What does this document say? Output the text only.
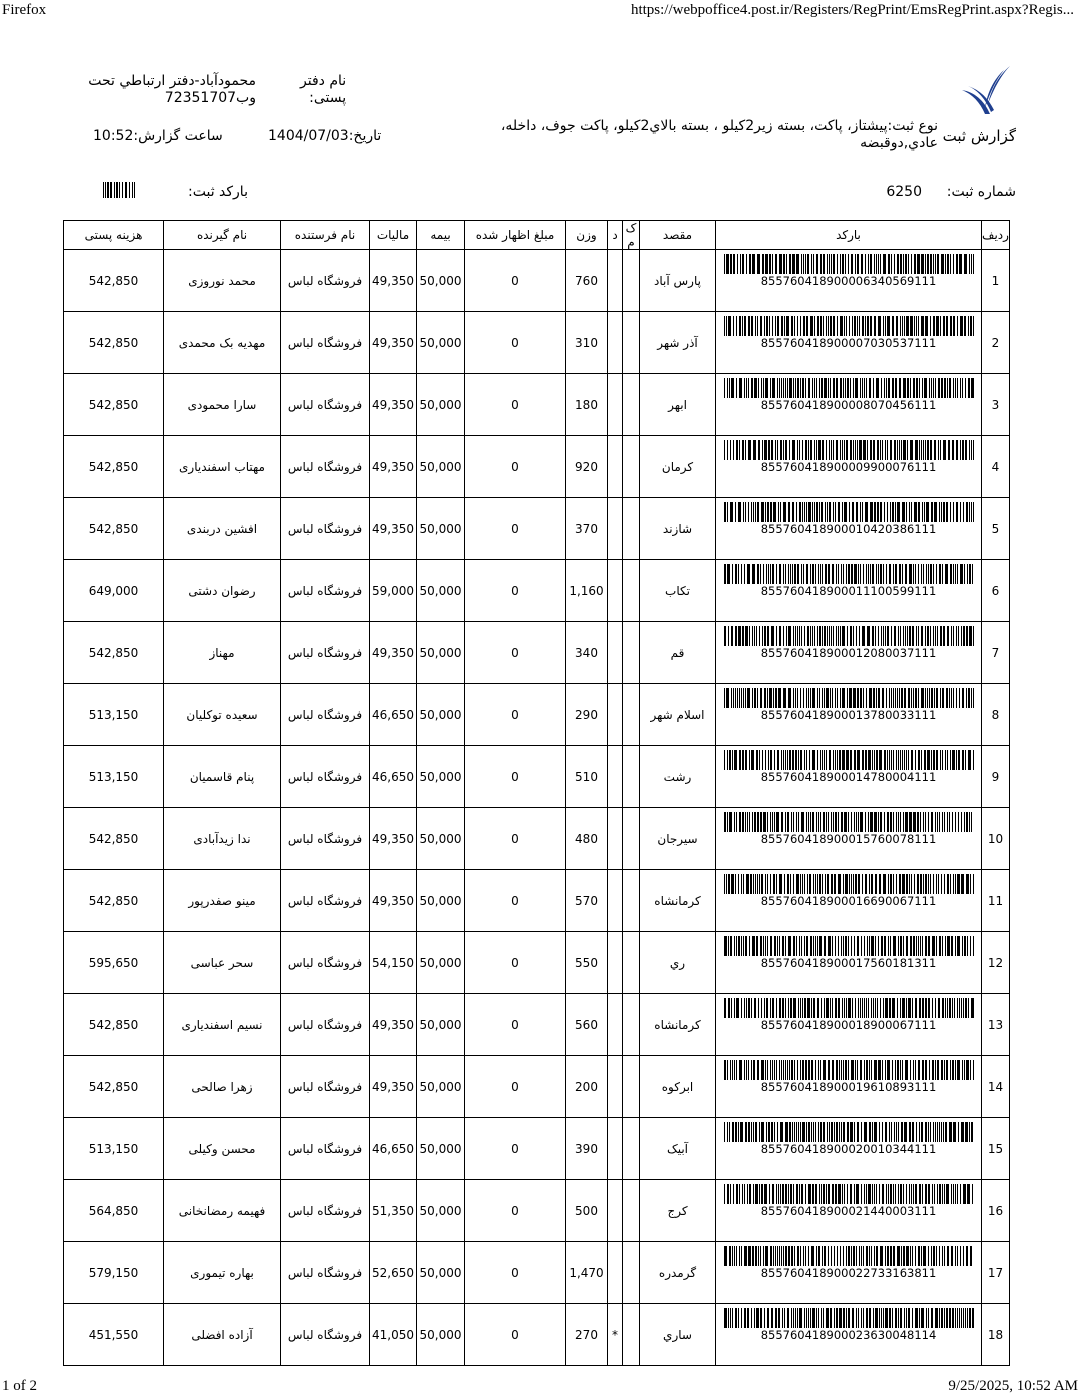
Firefox	https://webpoffice4.post.ir/Registers/RegPrint/EmsRegPrint.aspx?Regis...
1 of 2	9/25/2025, 10:52 AM
گزارش ثبت
نوع ثبت:پيشتاز، پاکت، بسته زير2کيلو ، بسته بالاي2کيلو، پاکت جوف، داخله،
عادي,دوقبضه
نام دفتر
پستی:
محمودآباد-دفتر ارتباطي تحت
وب72351707
تاریخ:1404/07/03
ساعت گزارش:10:52
شماره ثبت:
6250
بارکد ثبت:
ردیف	بارکد	مقصد	ک م	د	وزن	مبلغ اظهار شده	بیمه	مالیات	نام فرستنده	نام گیرنده	هزینه پستی
1	855760418900006340569111	پارس آباد			760	0	50,000	49,350	فروشگاه لباس	محمد نوروزی	542,850
2	855760418900007030537111	آذر شهر			310	0	50,000	49,350	فروشگاه لباس	مهدیه بک محمدی	542,850
3	855760418900008070456111	ابهر			180	0	50,000	49,350	فروشگاه لباس	سارا محمودی	542,850
4	855760418900009900076111	کرمان			920	0	50,000	49,350	فروشگاه لباس	مهتاب اسفندیاری	542,850
5	855760418900010420386111	شازند			370	0	50,000	49,350	فروشگاه لباس	افشین دربندی	542,850
6	855760418900011100599111	تکاب			1,160	0	50,000	59,000	فروشگاه لباس	رضوان دشتی	649,000
7	855760418900012080037111	قم			340	0	50,000	49,350	فروشگاه لباس	مهناز	542,850
8	855760418900013780033111	اسلام شهر			290	0	50,000	46,650	فروشگاه لباس	سعیده توکلیان	513,150
9	855760418900014780004111	رشت			510	0	50,000	46,650	فروشگاه لباس	پنام قاسمیان	513,150
10	855760418900015760078111	سیرجان			480	0	50,000	49,350	فروشگاه لباس	ندا زیدآبادی	542,850
11	855760418900016690067111	کرمانشاه			570	0	50,000	49,350	فروشگاه لباس	مینو صفدرپور	542,850
12	855760418900017560181311	ري			550	0	50,000	54,150	فروشگاه لباس	سحر عباسی	595,650
13	855760418900018900067111	کرمانشاه			560	0	50,000	49,350	فروشگاه لباس	نسیم اسفندیاری	542,850
14	855760418900019610893111	ابرکوه			200	0	50,000	49,350	فروشگاه لباس	زهرا صالحی	542,850
15	855760418900020010344111	آبیک			390	0	50,000	46,650	فروشگاه لباس	محسن وکیلی	513,150
16	855760418900021440003111	کرج			500	0	50,000	51,350	فروشگاه لباس	فهیمه رمضانخانی	564,850
17	855760418900022733163811	گرمدره			1,470	0	50,000	52,650	فروشگاه لباس	بهاره تیموری	579,150
18	855760418900023630048114	ساري		*	270	0	50,000	41,050	فروشگاه لباس	آزاده افضلی	451,550
